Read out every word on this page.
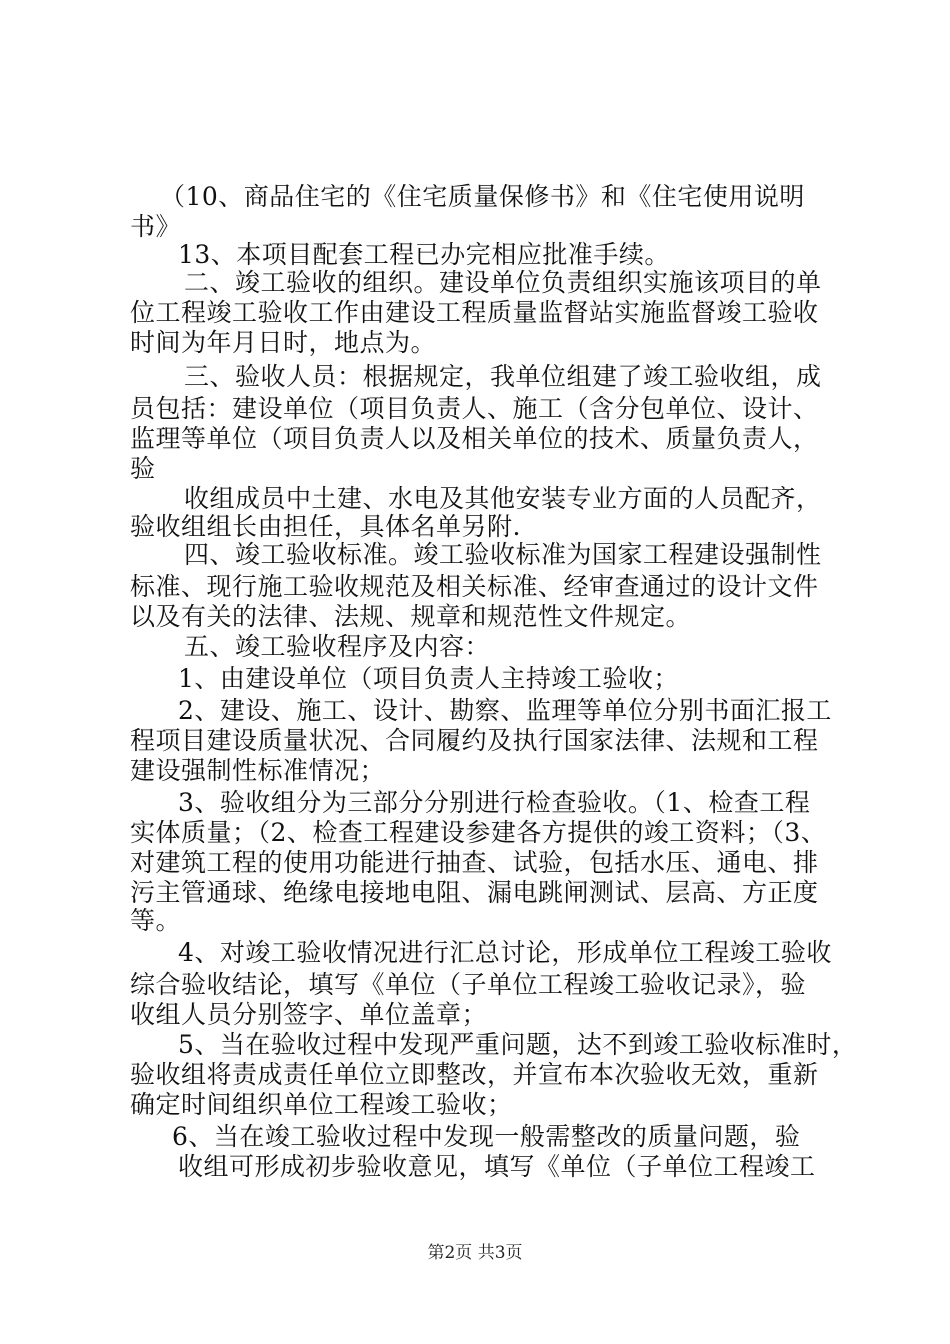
（10、商品住宅的《住宅质量保修书》和《住宅使用说明
书》
13、本项目配套工程已办完相应批准手续。
二、竣工验收的组织。建设单位负责组织实施该项目的单
位工程竣工验收工作由建设工程质量监督站实施监督竣工验收
时间为年月日时，地点为。
三、验收人员：根据规定，我单位组建了竣工验收组，成
员包括：建设单位（项目负责人、施工（含分包单位、设计、
监理等单位（项目负责人以及相关单位的技术、质量负责人，
验
收组成员中土建、水电及其他安装专业方面的人员配齐，
验收组组长由担任，具体名单另附.
四、竣工验收标准。竣工验收标准为国家工程建设强制性
标准、现行施工验收规范及相关标准、经审查通过的设计文件
以及有关的法律、法规、规章和规范性文件规定。
五、竣工验收程序及内容：
1、由建设单位（项目负责人主持竣工验收；
2、建设、施工、设计、勘察、监理等单位分别书面汇报工
程项目建设质量状况、合同履约及执行国家法律、法规和工程
建设强制性标准情况；
3、验收组分为三部分分别进行检查验收。（1、检查工程
实体质量；（2、检查工程建设参建各方提供的竣工资料；（3、
对建筑工程的使用功能进行抽查、试验，包括水压、通电、排
污主管通球、绝缘电接地电阻、漏电跳闸测试、层高、方正度
等。
4、对竣工验收情况进行汇总讨论，形成单位工程竣工验收
综合验收结论，填写《单位（子单位工程竣工验收记录》，验
收组人员分别签字、单位盖章；
5、当在验收过程中发现严重问题，达不到竣工验收标准时，
验收组将责成责任单位立即整改，并宣布本次验收无效，重新
确定时间组织单位工程竣工验收；
6、当在竣工验收过程中发现一般需整改的质量问题，验
收组可形成初步验收意见，填写《单位（子单位工程竣工
第2页 共3页
